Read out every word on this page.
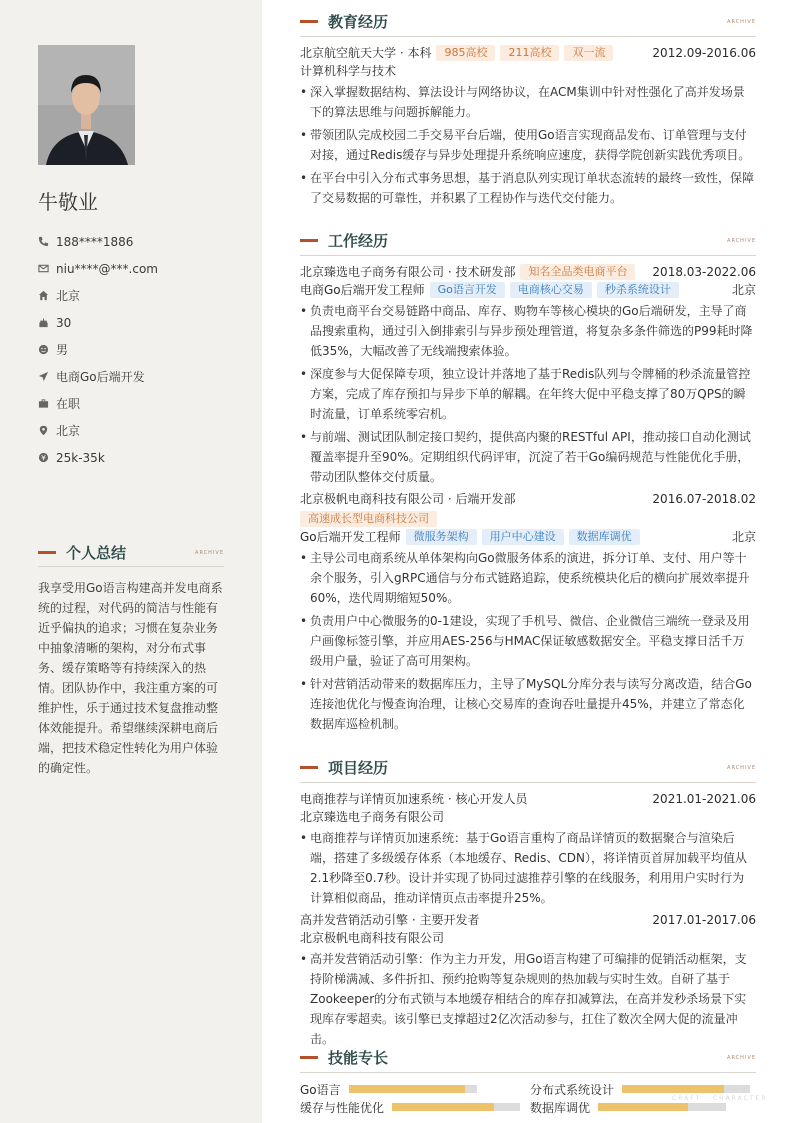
牛敬业
188****1886
niu****@***.com
北京
30
男
电商Go后端开发
在职
北京
25k-35k
个人总结	ARCHIVE

我享受用Go语言构建高并发电商系统的过程，对代码的简洁与性能有近乎偏执的追求；习惯在复杂业务中抽象清晰的架构，对分布式事务、缓存策略等有持续深入的热情。团队协作中，我注重方案的可维护性，乐于通过技术复盘推动整体效能提升。希望继续深耕电商后端，把技术稳定性转化为用户体验的确定性。

教育经历	ARCHIVE
北京航空航天大学 · 本科	985高校	211高校	双一流	2012.09-2016.06
计算机科学与技术
• 深入掌握数据结构、算法设计与网络协议，在ACM集训中针对性强化了高并发场景下的算法思维与问题拆解能力。
• 带领团队完成校园二手交易平台后端，使用Go语言实现商品发布、订单管理与支付对接，通过Redis缓存与异步处理提升系统响应速度，获得学院创新实践优秀项目。
• 在平台中引入分布式事务思想，基于消息队列实现订单状态流转的最终一致性，保障了交易数据的可靠性，并积累了工程协作与迭代交付能力。
工作经历	ARCHIVE
北京臻选电子商务有限公司 · 技术研发部	知名全品类电商平台	2018.03-2022.06
电商Go后端开发工程师	Go语言开发	电商核心交易	秒杀系统设计	北京
• 负责电商平台交易链路中商品、库存、购物车等核心模块的Go后端研发，主导了商品搜索重构，通过引入倒排索引与异步预处理管道，将复杂多条件筛选的P99耗时降低35%，大幅改善了无线端搜索体验。
• 深度参与大促保障专项，独立设计并落地了基于Redis队列与令牌桶的秒杀流量管控方案，完成了库存预扣与异步下单的解耦。在年终大促中平稳支撑了80万QPS的瞬时流量，订单系统零宕机。
• 与前端、测试团队制定接口契约，提供高内聚的RESTful API，推动接口自动化测试覆盖率提升至90%。定期组织代码评审，沉淀了若干Go编码规范与性能优化手册，带动团队整体交付质量。
北京极帆电商科技有限公司 · 后端开发部	2016.07-2018.02
高速成长型电商科技公司
Go后端开发工程师	微服务架构	用户中心建设	数据库调优	北京
• 主导公司电商系统从单体架构向Go微服务体系的演进，拆分订单、支付、用户等十余个服务，引入gRPC通信与分布式链路追踪，使系统模块化后的横向扩展效率提升60%，迭代周期缩短50%。
• 负责用户中心微服务的0-1建设，实现了手机号、微信、企业微信三端统一登录及用户画像标签引擎，并应用AES-256与HMAC保证敏感数据安全。平稳支撑日活千万级用户量，验证了高可用架构。
• 针对营销活动带来的数据库压力，主导了MySQL分库分表与读写分离改造，结合Go连接池优化与慢查询治理，让核心交易库的查询吞吐量提升45%，并建立了常态化数据库巡检机制。
项目经历	ARCHIVE
电商推荐与详情页加速系统 · 核心开发人员	2021.01-2021.06
北京臻选电子商务有限公司
• 电商推荐与详情页加速系统：基于Go语言重构了商品详情页的数据聚合与渲染后端，搭建了多级缓存体系（本地缓存、Redis、CDN），将详情页首屏加载平均值从2.1秒降至0.7秒。设计并实现了协同过滤推荐引擎的在线服务，利用用户实时行为计算相似商品，推动详情页点击率提升25%。
高并发营销活动引擎 · 主要开发者	2017.01-2017.06
北京极帆电商科技有限公司
• 高并发营销活动引擎：作为主力开发，用Go语言构建了可编排的促销活动框架，支持阶梯满减、多件折扣、预约抢购等复杂规则的热加载与实时生效。自研了基于Zookeeper的分布式锁与本地缓存相结合的库存扣减算法，在高并发秒杀场景下实现库存零超卖。该引擎已支撑超过2亿次活动参与，扛住了数次全网大促的流量冲击。
技能专长	ARCHIVE
Go语言	分布式系统设计
缓存与性能优化	数据库调优
CRAFT · CHARACTER
